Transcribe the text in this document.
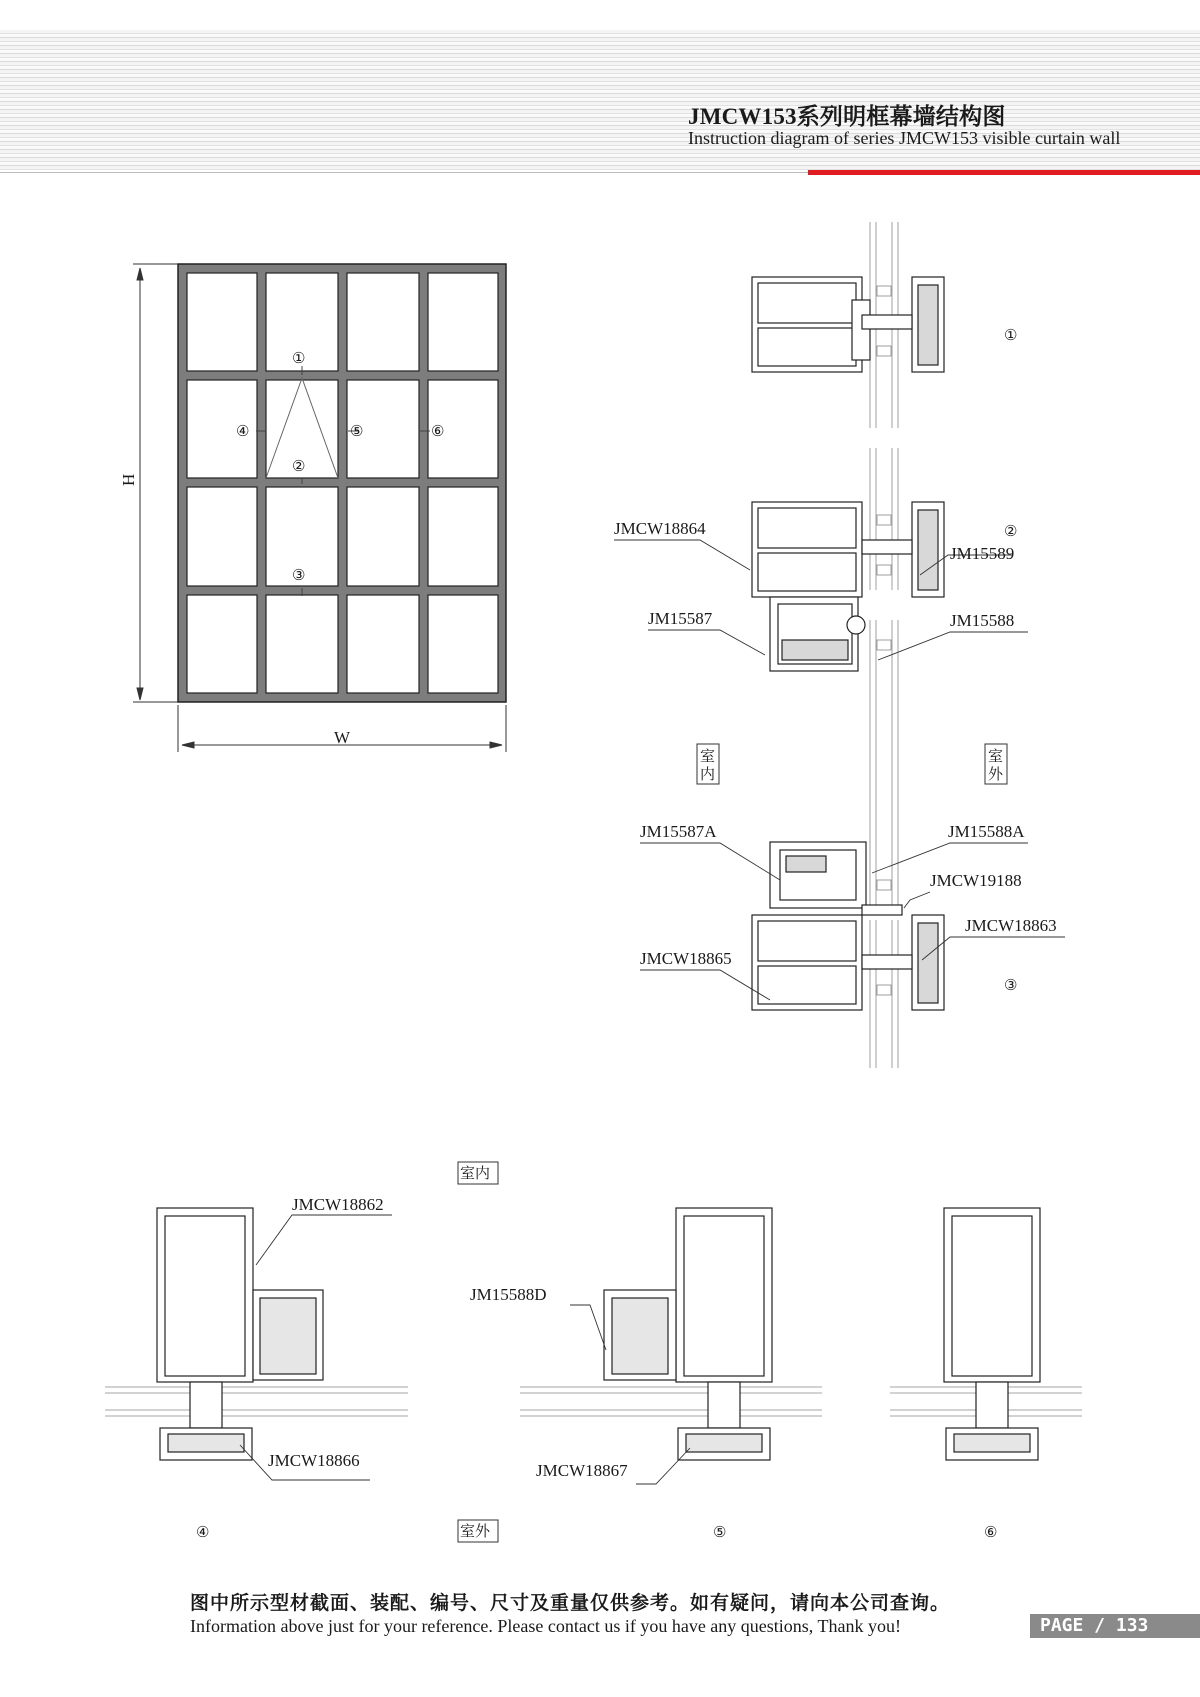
JMCW153系列明框幕墙结构图
Instruction diagram of series JMCW153 visible curtain wall
H
W
①
②
③
④	⑤	⑥
JMCW18864
JM15589
JM15587	JM15588
JM15587A	JM15588A
JMCW19188
JMCW18863
JMCW18865
①
②
③
室内
室外
JMCW18862
JMCW18866
JM15588D
JMCW18867
室内
室外
④	⑤	⑥
图中所示型材截面、装配、编号、尺寸及重量仅供参考。如有疑问，请向本公司查询。
Information above just for your reference. Please contact us if you have any questions, Thank you!	PAGE / 133
